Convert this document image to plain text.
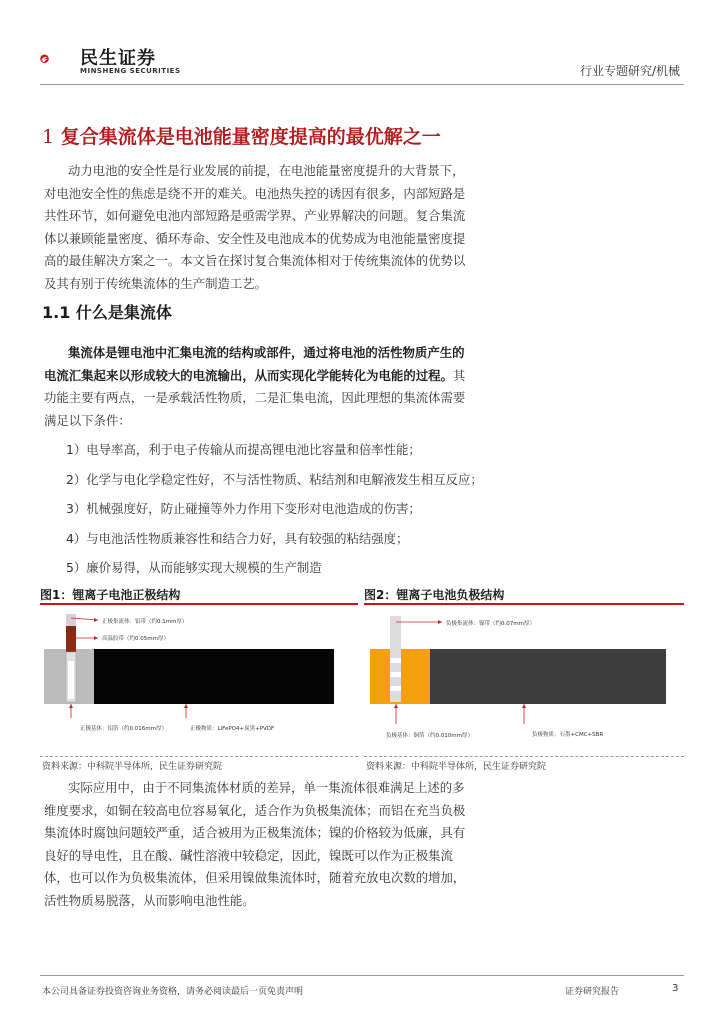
民生证券
MINSHENG SECURITIES	行业专题研究/机械
1 复合集流体是电池能量密度提高的最优解之一

动力电池的安全性是行业发展的前提，在电池能量密度提升的大背景下，对电池安全性的焦虑是绕不开的难关。电池热失控的诱因有很多，内部短路是共性环节，如何避免电池内部短路是亟需学界、产业界解决的问题。复合集流体以兼顾能量密度、循环寿命、安全性及电池成本的优势成为电池能量密度提高的最佳解决方案之一。本文旨在探讨复合集流体相对于传统集流体的优势以及其有别于传统集流体的生产制造工艺。

1.1 什么是集流体

集流体是锂电池中汇集电流的结构或部件，通过将电池的活性物质产生的电流汇集起来以形成较大的电流输出，从而实现化学能转化为电能的过程。其功能主要有两点，一是承载活性物质，二是汇集电流，因此理想的集流体需要满足以下条件：

1）电导率高，利于电子传输从而提高锂电池比容量和倍率性能；
2）化学与电化学稳定性好，不与活性物质、粘结剂和电解液发生相互反应；
3）机械强度好，防止碰撞等外力作用下变形对电池造成的伤害；
4）与电池活性物质兼容性和结合力好，具有较强的粘结强度；
5）廉价易得，从而能够实现大规模的生产制造
图1：锂离子电池正极结构
正极集流体：铝带（约0.1mm厚）
高温胶带（约0.05mm厚）
正极基体：铝箔（约0.016mm厚）	正极物质：LiFePO4+炭黑+PVDF
资料来源：中科院半导体所，民生证券研究院
图2：锂离子电池负极结构
负极集流体：镍带（约0.07mm厚）
负极基体：铜箔（约0.010mm厚）	负极物质：石墨+CMC+SBR
资料来源：中科院半导体所，民生证券研究院

实际应用中，由于不同集流体材质的差异，单一集流体很难满足上述的多维度要求，如铜在较高电位容易氧化，适合作为负极集流体；而铝在充当负极集流体时腐蚀问题较严重，适合被用为正极集流体；镍的价格较为低廉，具有良好的导电性，且在酸、碱性溶液中较稳定，因此，镍既可以作为正极集流体，也可以作为负极集流体，但采用镍做集流体时，随着充放电次数的增加，活性物质易脱落，从而影响电池性能。

本公司具备证券投资咨询业务资格，请务必阅读最后一页免责声明	证券研究报告	3
